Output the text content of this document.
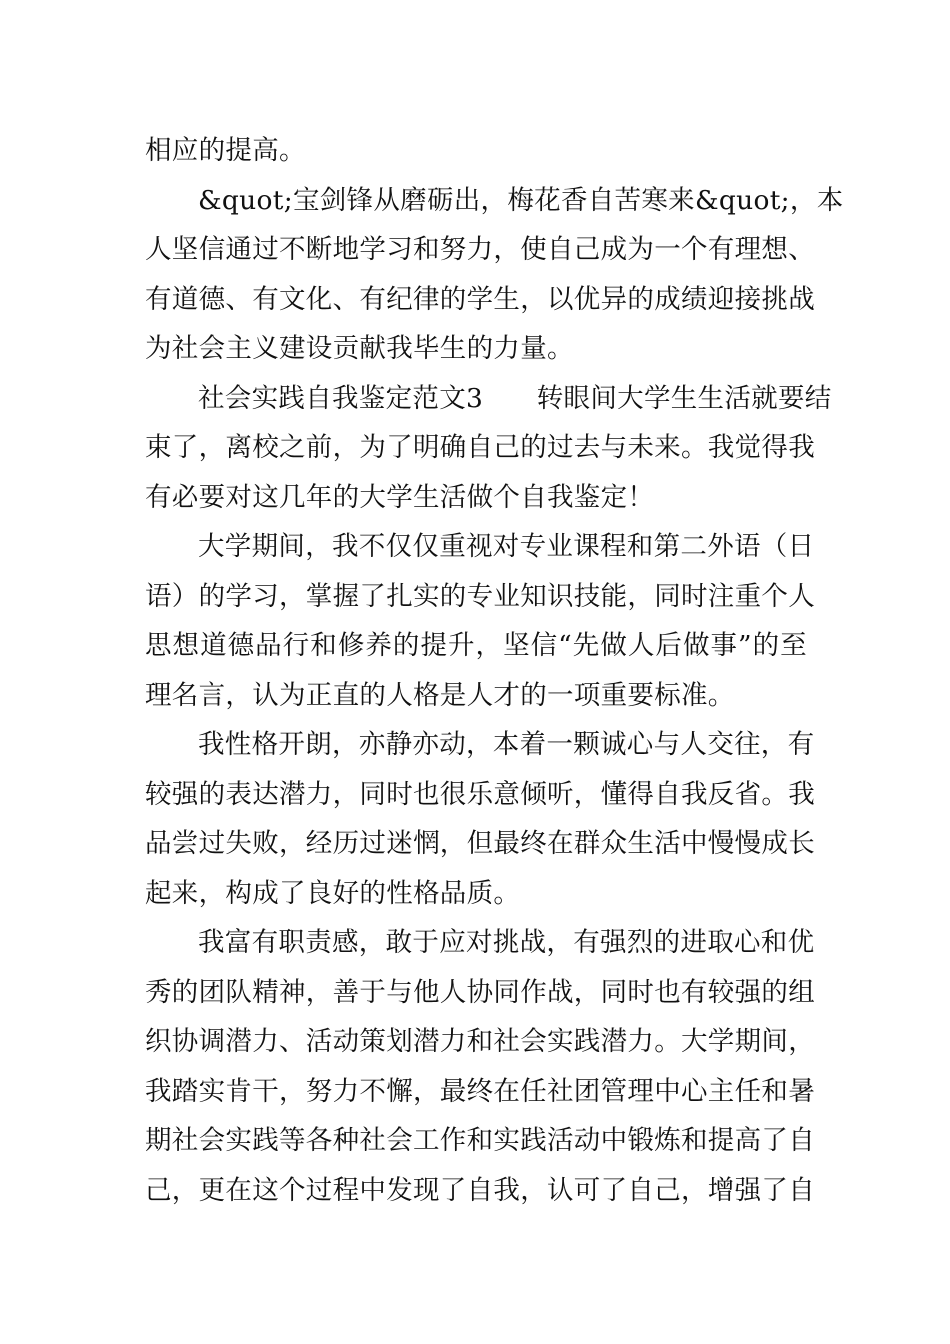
相应的提高。
&quot;宝剑锋从磨砺出，梅花香自苦寒来&quot;，本
人坚信通过不断地学习和努力，使自己成为一个有理想、
有道德、有文化、有纪律的学生，以优异的成绩迎接挑战
为社会主义建设贡献我毕生的力量。
社会实践自我鉴定范文3　　转眼间大学生生活就要结
束了，离校之前，为了明确自己的过去与未来。我觉得我
有必要对这几年的大学生活做个自我鉴定！
大学期间，我不仅仅重视对专业课程和第二外语（日
语）的学习，掌握了扎实的专业知识技能，同时注重个人
思想道德品行和修养的提升，坚信“先做人后做事”的至
理名言，认为正直的人格是人才的一项重要标准。
我性格开朗，亦静亦动，本着一颗诚心与人交往，有
较强的表达潜力，同时也很乐意倾听，懂得自我反省。我
品尝过失败，经历过迷惘，但最终在群众生活中慢慢成长
起来，构成了良好的性格品质。
我富有职责感，敢于应对挑战，有强烈的进取心和优
秀的团队精神，善于与他人协同作战，同时也有较强的组
织协调潜力、活动策划潜力和社会实践潜力。大学期间，
我踏实肯干，努力不懈，最终在任社团管理中心主任和暑
期社会实践等各种社会工作和实践活动中锻炼和提高了自
己，更在这个过程中发现了自我，认可了自己，增强了自
